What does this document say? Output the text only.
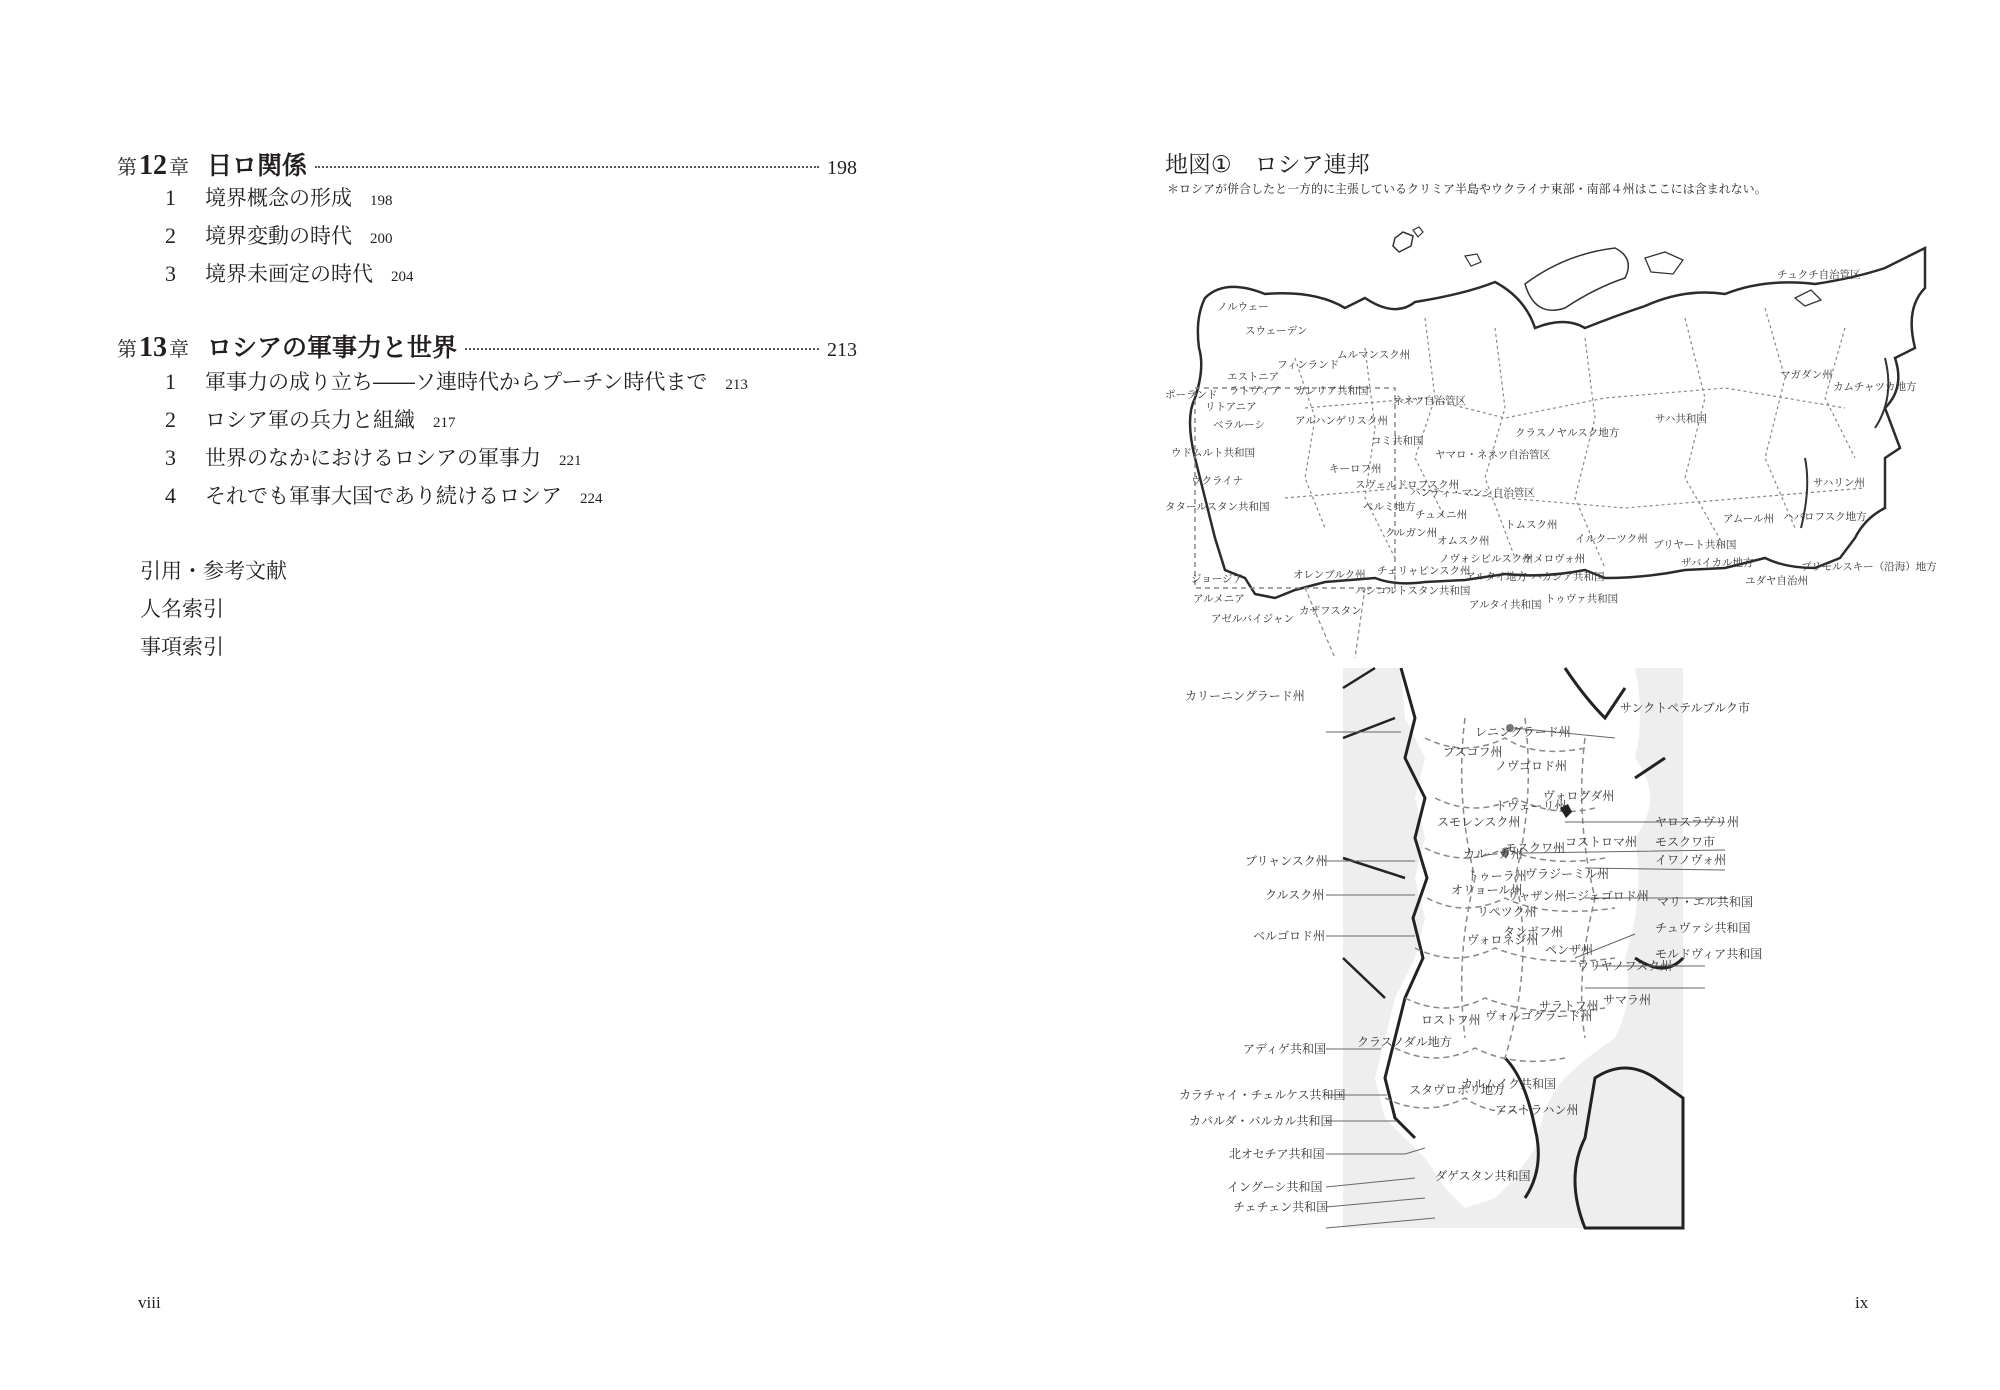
第 12 章 日ロ関係	198
1 境界概念の形成 198
2 境界変動の時代 200
3 境界未画定の時代 204
第 13 章 ロシアの軍事力と世界	213
1 軍事力の成り立ち――ソ連時代からプーチン時代まで 213
2 ロシア軍の兵力と組織 217
3 世界のなかにおけるロシアの軍事力 221
4 それでも軍事大国であり続けるロシア 224
引用・参考文献
人名索引
事項索引
viii
地図①　ロシア連邦
＊ロシアが併合したと一方的に主張しているクリミア半島やウクライナ東部・南部４州はここには含まれない。
チュクチ自治管区
ノルウェー
スウェーデン
フィンランド
ムルマンスク州
エストニア
ラトヴィア カレリア共和国
ネネツ自治管区
ポーランド
リトアニア
ベラルーシ	アルハンゲリスク州
コミ共和国
マガダン州
カムチャツカ地方
サハ共和国
クラスノヤルスク地方
ヤマロ・ネネツ自治管区
ウドムルト共和国
キーロフ州
ウクライナ	スヴェルドロフスク州
ハンティ・マンシ自治管区
サハリン州
タタールスタン共和国	ペルミ地方
チュメニ州
トムスク州	アムール州 ハバロフスク地方
クルガン州
オムスク州	イルクーツク州 ブリヤート共和国
ノヴォシビルスク州
ケメロヴォ州
プリモルスキー（沿海）地方
ザバイカル地方
チェリャビンスク州
オレンブルク州	アルタイ地方 ハカシア共和国	ユダヤ自治州
ジョージア
バシコルトスタン共和国
アルメニア	アルタイ共和国 トゥヴァ共和国
アゼルバイジャン
カザフスタン
カリーニングラード州
レニングラード州
サンクトペテルブルク市
プスコフ州
ノヴゴロド州
ヴォログダ州
トヴェーリ州
スモレンスク州	ヤロスラヴリ州
コストロマ州 モスクワ市
モスクワ州
カルーガ州	イワノヴォ州
ブリャンスク州
トゥーラ州
ヴラジーミル州
オリョール州
クルスク州	リャザン州
ニジェゴロド州 マリ・エル共和国
リペツク州
チュヴァシ共和国
ベルゴロド州	タンボフ州
ヴォロネジ州
ペンザ州	モルドヴィア共和国
ウリヤノフスク州
サラトフ州 サマラ州
ロストフ州 ヴォルゴグラード州
クラスノダル地方
アディゲ共和国
スタヴロポリ地方
カルムイク共和国
アストラハン州
カラチャイ・チェルケス共和国
カバルダ・バルカル共和国
北オセチア共和国
ダゲスタン共和国
イングーシ共和国
チェチェン共和国
ix
